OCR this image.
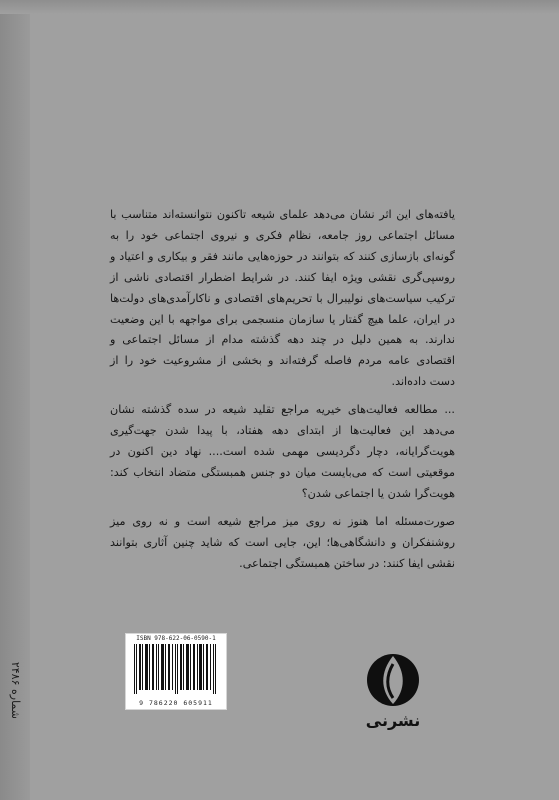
شماره ۲۴۸۶

یافته‌های این اثر نشان می‌دهد علمای شیعه تاکنون نتوانسته‌اند متناسب با مسائل اجتماعی روز جامعه، نظام فکری و نیروی اجتماعی خود را به گونه‌ای بازسازی کنند که بتوانند در حوزه‌هایی مانند فقر و بیکاری و اعتیاد و روسپی‌گری نقشی ویژه ایفا کنند. در شرایط اضطرار اقتصادی ناشی از ترکیب سیاست‌های نولیبرال با تحریم‌های اقتصادی و ناکارآمدی‌های دولت‌ها در ایران، علما هیچ گفتار یا سازمان منسجمی برای مواجهه با این وضعیت ندارند. به همین دلیل در چند دهه گذشته مدام از مسائل اجتماعی و اقتصادی عامه مردم فاصله گرفته‌اند و بخشی از مشروعیت خود را از دست داده‌اند.

... مطالعه فعالیت‌های خیریه مراجع تقلید شیعه در سده گذشته نشان می‌دهد این فعالیت‌ها از ابتدای دهه هفتاد، با پیدا شدن جهت‌گیری هویت‌گرایانه، دچار دگردیسی مهمی شده است.... نهاد دین اکنون در موقعیتی است که می‌بایست میان دو جنس همبستگی متضاد انتخاب کند: هویت‌گرا شدن یا اجتماعی شدن؟

صورت‌مسئله اما هنوز نه روی میز مراجع شیعه است و نه روی میز روشنفکران و دانشگاهی‌ها؛ این، جایی است که شاید چنین آثاری بتوانند نقشی ایفا کنند: در ساختن همبستگی اجتماعی.

ISBN 978-622-06-0590-1
9 786220 605911
نشرنی
